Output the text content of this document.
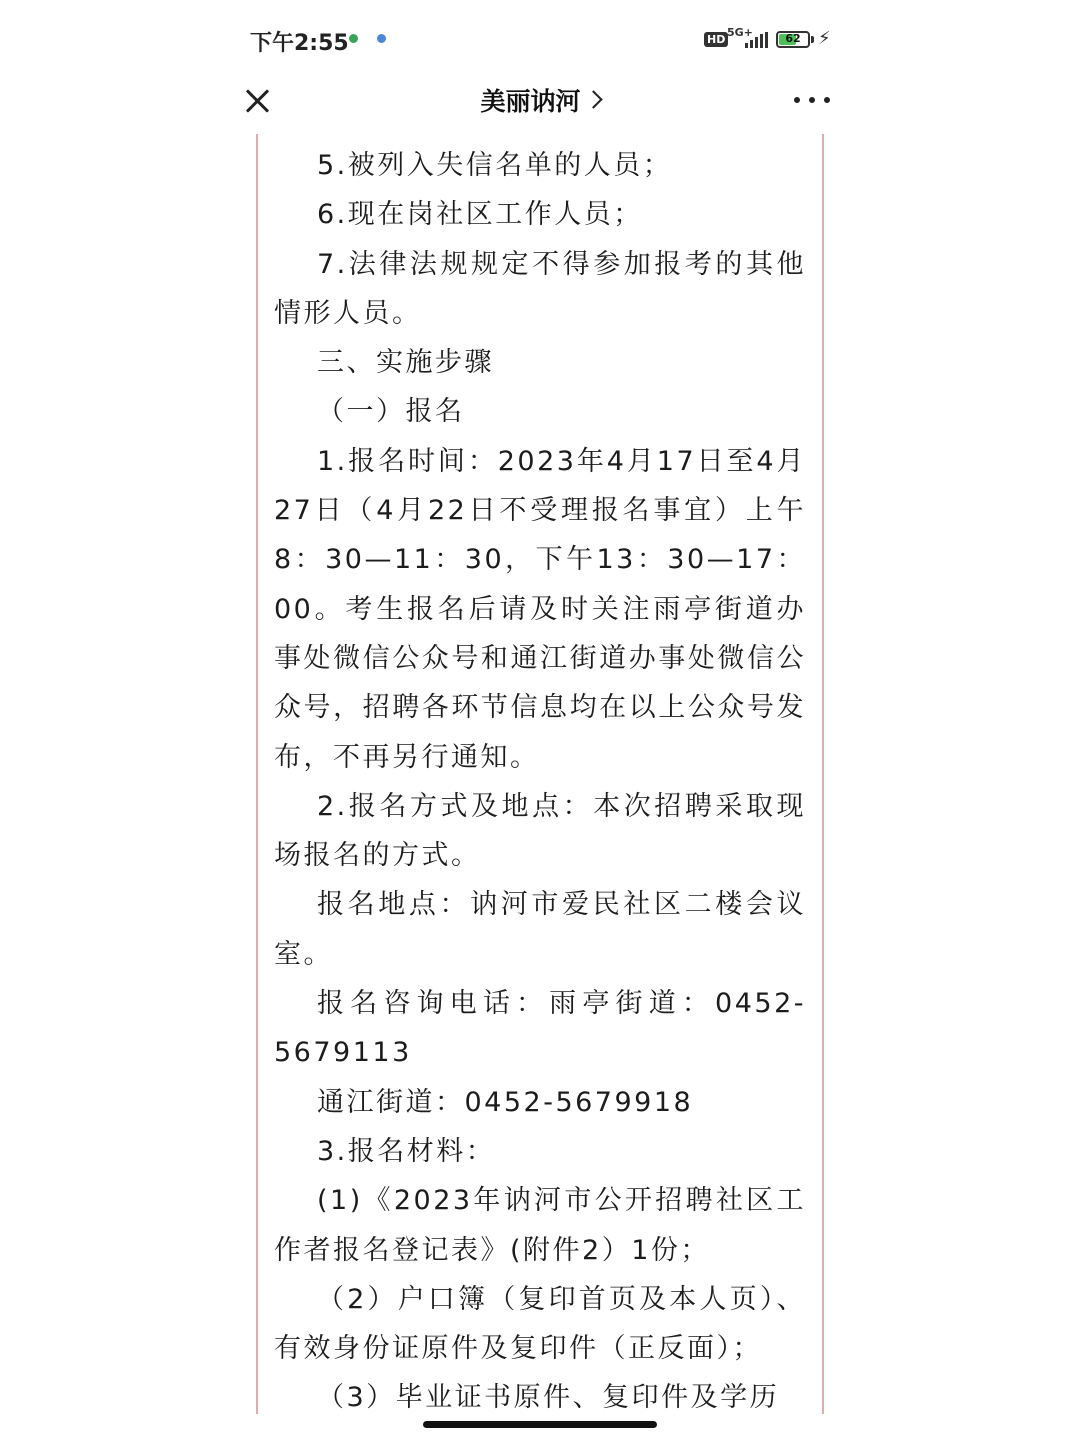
下午2:55	HD
5G+	62 ⚡
美丽讷河

5.被列入失信名单的人员；

6.现在岗社区工作人员；

7.法律法规规定不得参加报考的其他情形人员。

三、实施步骤

（一）报名

1.报名时间：2023年4月17日至4月27日（4月22日不受理报名事宜）上午8：30—11：30，下午13：30—17：00。考生报名后请及时关注雨亭街道办事处微信公众号和通江街道办事处微信公众号，招聘各环节信息均在以上公众号发布，不再另行通知。

2.报名方式及地点：本次招聘采取现场报名的方式。

报名地点：讷河市爱民社区二楼会议室。

报名咨询电话：雨亭街道：0452-5679113

通江街道：0452-5679918

3.报名材料：

(1)《2023年讷河市公开招聘社区工作者报名登记表》(附件2）1份；

（2）户口簿（复印首页及本人页）、有效身份证原件及复印件（正反面）；

（3）毕业证书原件、复印件及学历
